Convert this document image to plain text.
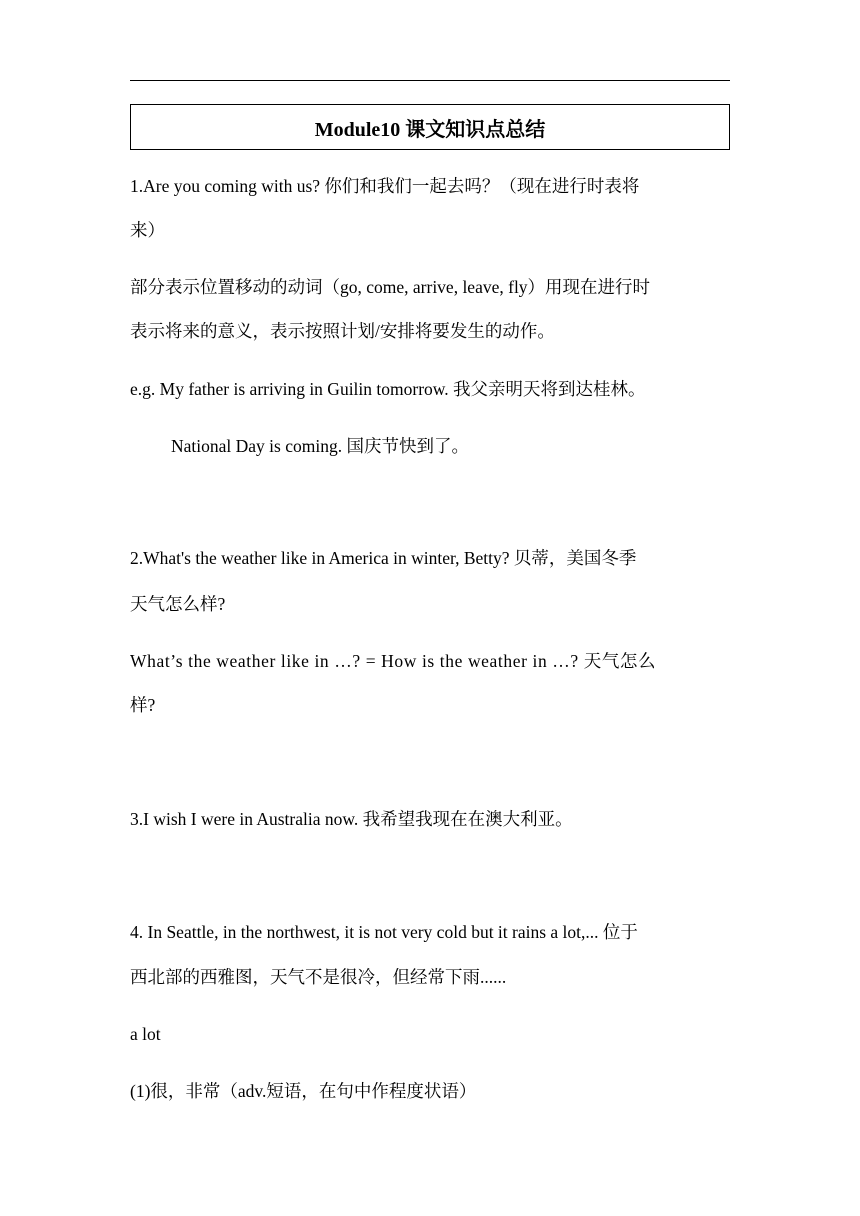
Module10 课文知识点总结
1.Are you coming with us? 你们和我们一起去吗？（现在进行时表将
来）
部分表示位置移动的动词（go, come, arrive, leave, fly）用现在进行时
表示将来的意义，表示按照计划/安排将要发生的动作。
e.g. My father is arriving in Guilin tomorrow. 我父亲明天将到达桂林。
National Day is coming. 国庆节快到了。
2.What's the weather like in America in winter, Betty? 贝蒂，美国冬季
天气怎么样?
What’s the weather like in …? = How is the weather in …? 天气怎么
样?
3.I wish I were in Australia now. 我希望我现在在澳大利亚。
4. In Seattle, in the northwest, it is not very cold but it rains a lot,... 位于
西北部的西雅图，天气不是很冷，但经常下雨......
a lot
(1)很，非常（adv.短语，在句中作程度状语）
